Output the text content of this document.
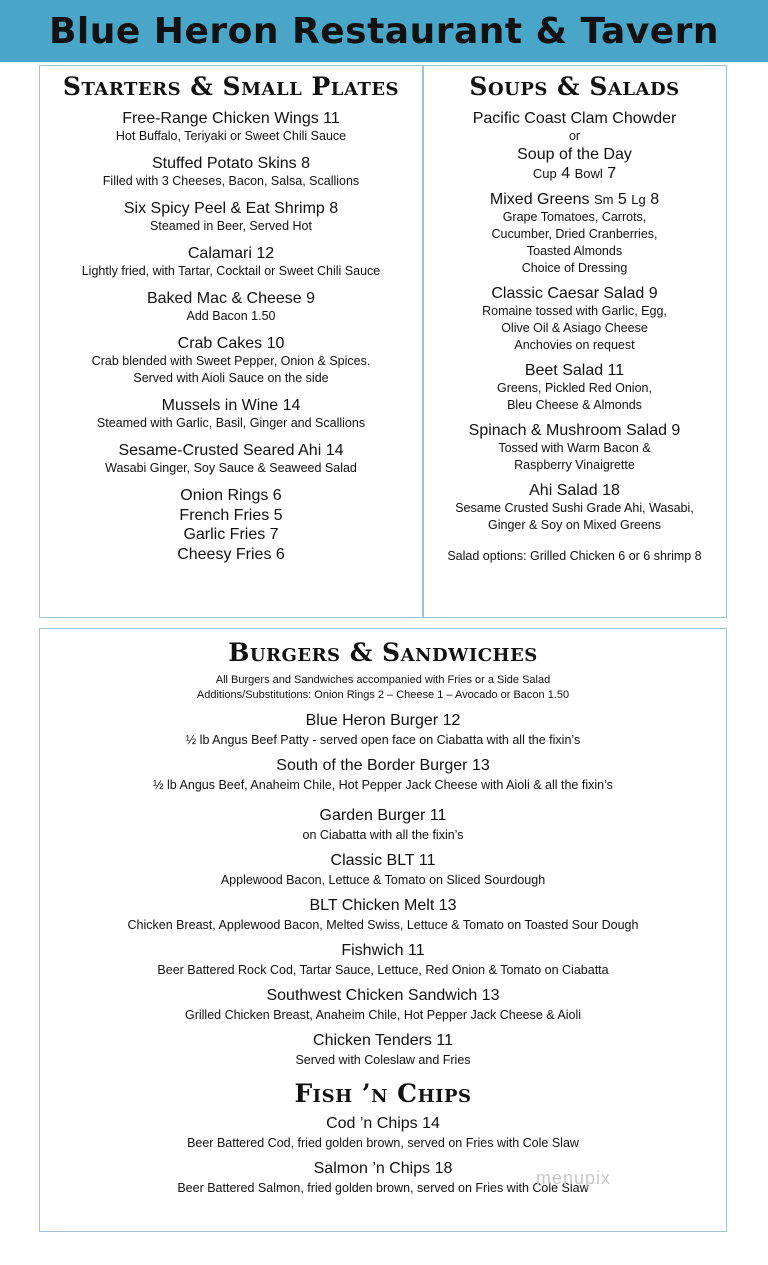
Blue Heron Restaurant & Tavern
Starters & Small Plates
Free-Range Chicken Wings 11
Hot Buffalo, Teriyaki or Sweet Chili Sauce
Stuffed Potato Skins 8
Filled with 3 Cheeses, Bacon, Salsa, Scallions
Six Spicy Peel & Eat Shrimp 8
Steamed in Beer, Served Hot
Calamari 12
Lightly fried, with Tartar, Cocktail or Sweet Chili Sauce
Baked Mac & Cheese 9
Add Bacon 1.50
Crab Cakes 10
Crab blended with Sweet Pepper, Onion & Spices.
Served with Aioli Sauce on the side
Mussels in Wine 14
Steamed with Garlic, Basil, Ginger and Scallions
Sesame-Crusted Seared Ahi 14
Wasabi Ginger, Soy Sauce & Seaweed Salad
Onion Rings 6
French Fries 5
Garlic Fries 7
Cheesy Fries 6
Soups & Salads
Pacific Coast Clam Chowder
or
Soup of the Day
Cup 4 Bowl 7
Mixed Greens Sm 5 Lg 8
Grape Tomatoes, Carrots,
Cucumber, Dried Cranberries,
Toasted Almonds
Choice of Dressing
Classic Caesar Salad 9
Romaine tossed with Garlic, Egg,
Olive Oil & Asiago Cheese
Anchovies on request
Beet Salad 11
Greens, Pickled Red Onion,
Bleu Cheese & Almonds
Spinach & Mushroom Salad 9
Tossed with Warm Bacon &
Raspberry Vinaigrette
Ahi Salad 18
Sesame Crusted Sushi Grade Ahi, Wasabi,
Ginger & Soy on Mixed Greens
Salad options: Grilled Chicken 6 or 6 shrimp 8
Burgers & Sandwiches
All Burgers and Sandwiches accompanied with Fries or a Side Salad
Additions/Substitutions: Onion Rings 2 – Cheese 1 – Avocado or Bacon 1.50
Blue Heron Burger 12
½ lb Angus Beef Patty - served open face on Ciabatta with all the fixin’s
South of the Border Burger 13
½ lb Angus Beef, Anaheim Chile, Hot Pepper Jack Cheese with Aioli & all the fixin’s
Garden Burger 11
on Ciabatta with all the fixin’s
Classic BLT 11
Applewood Bacon, Lettuce & Tomato on Sliced Sourdough
BLT Chicken Melt 13
Chicken Breast, Applewood Bacon, Melted Swiss, Lettuce & Tomato on Toasted Sour Dough
Fishwich 11
Beer Battered Rock Cod, Tartar Sauce, Lettuce, Red Onion & Tomato on Ciabatta
Southwest Chicken Sandwich 13
Grilled Chicken Breast, Anaheim Chile, Hot Pepper Jack Cheese & Aioli
Chicken Tenders 11
Served with Coleslaw and Fries
Fish ’n Chips
Cod ’n Chips 14
Beer Battered Cod, fried golden brown, served on Fries with Cole Slaw
Salmon ’n Chips 18
Beer Battered Salmon, fried golden brown, served on Fries with Cole Slaw
menupix
